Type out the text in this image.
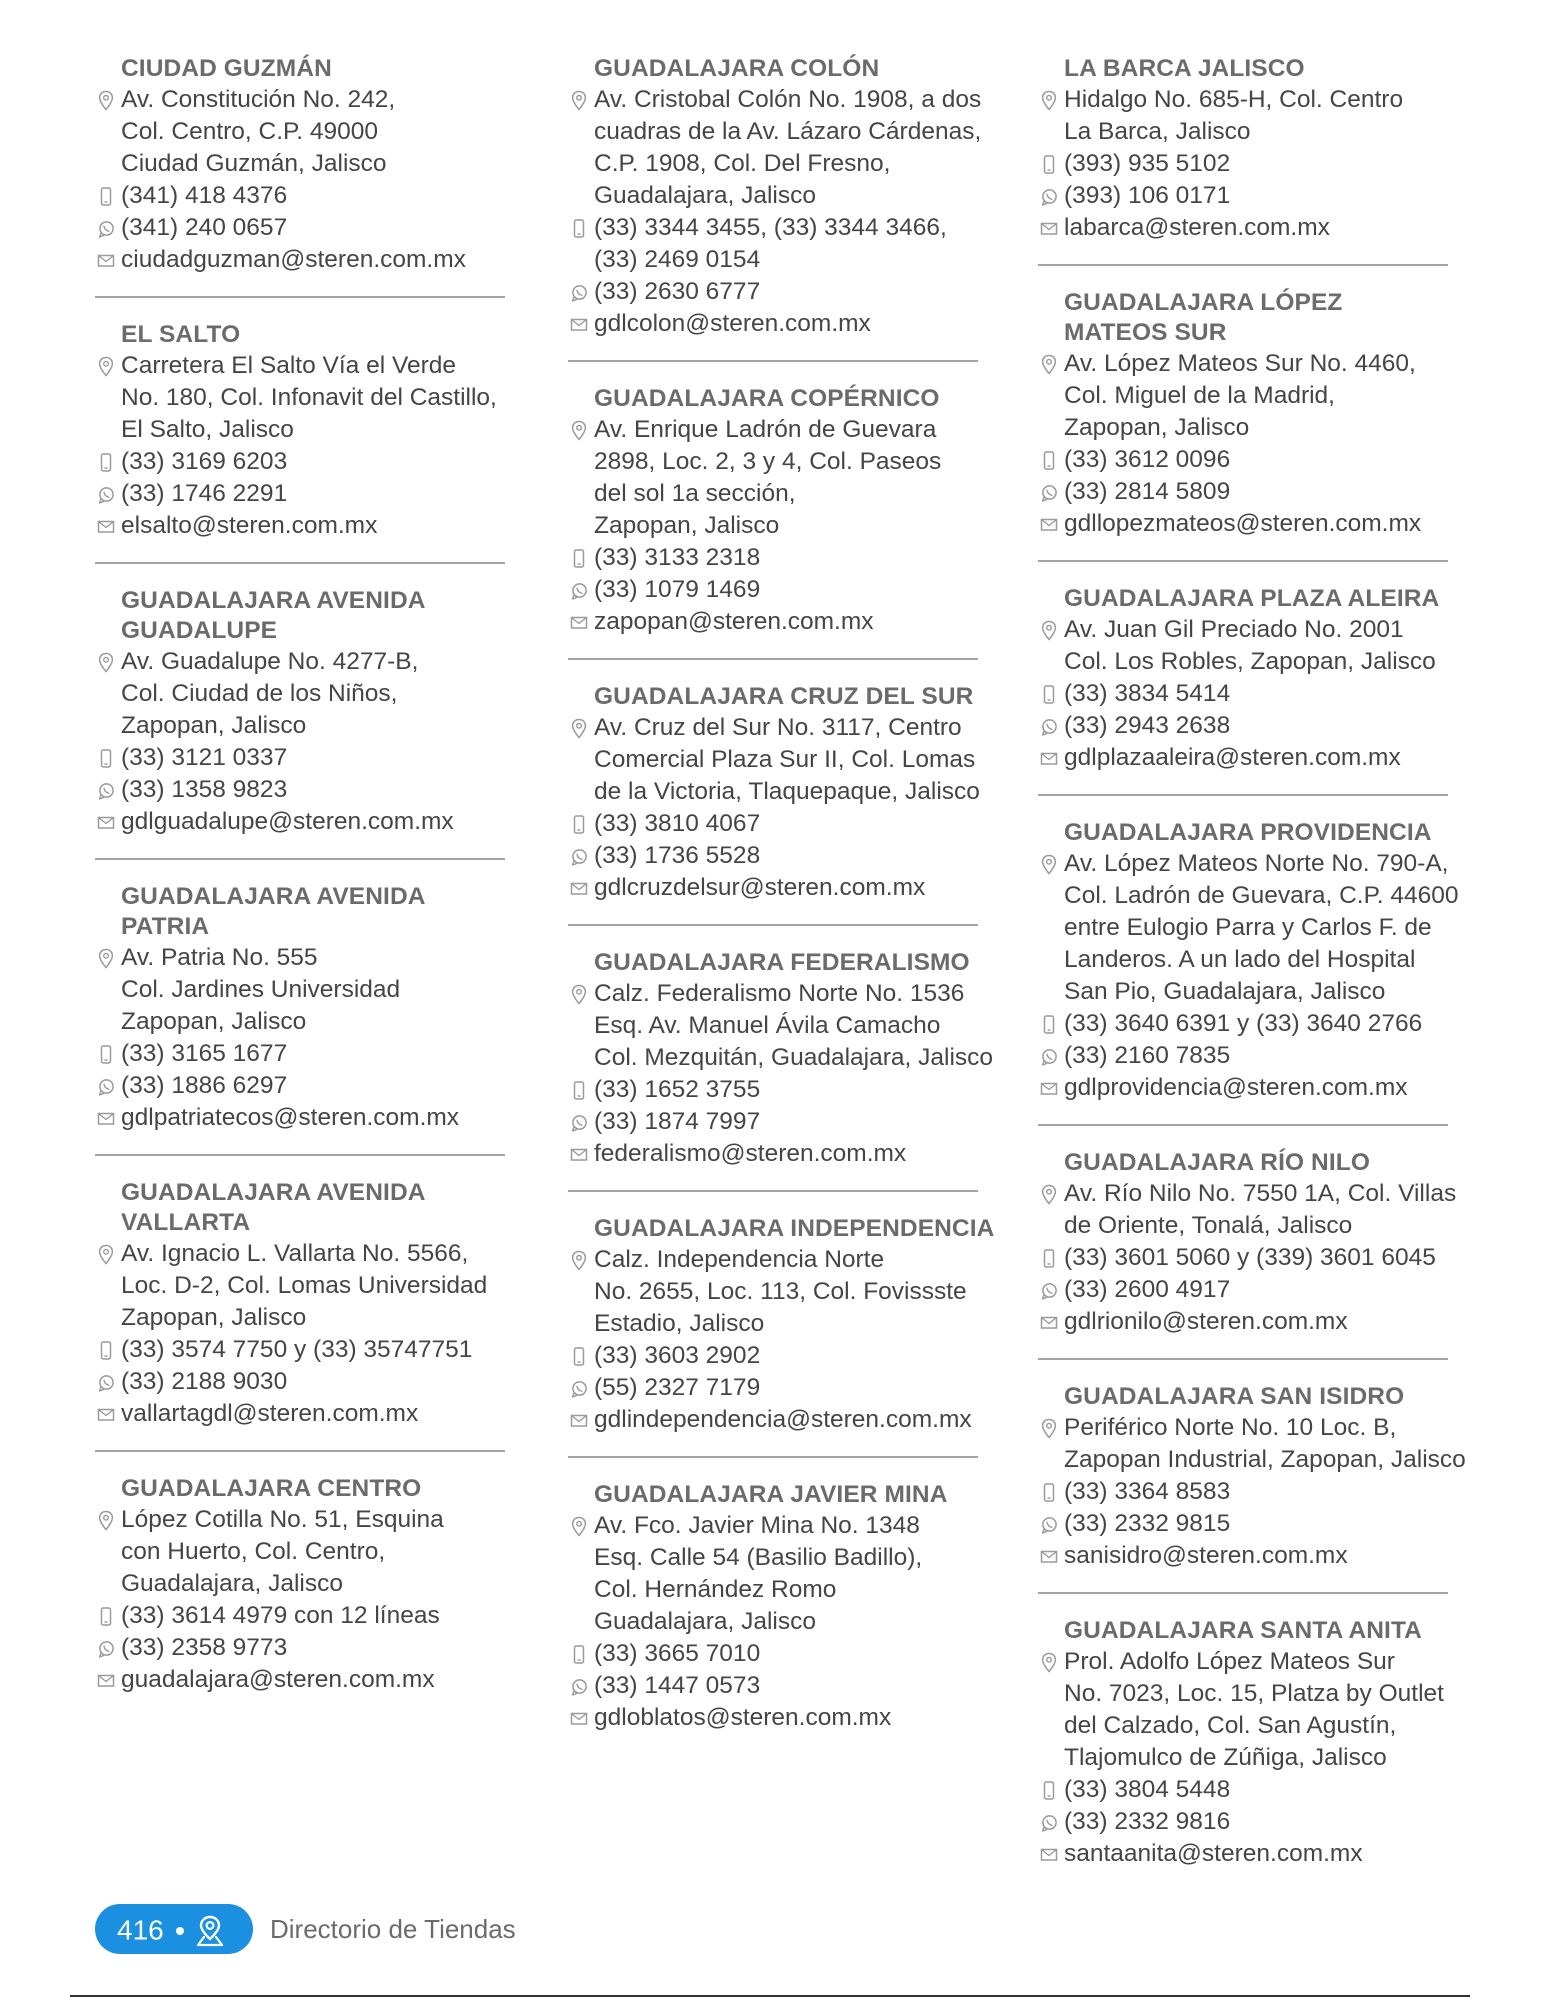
CIUDAD GUZMÁN
Av. Constitución No. 242,
Col. Centro, C.P. 49000
Ciudad Guzmán, Jalisco
(341) 418 4376
(341) 240 0657
ciudadguzman@steren.com.mx
EL SALTO
Carretera El Salto Vía el Verde
No. 180, Col. Infonavit del Castillo,
El Salto, Jalisco
(33) 3169 6203
(33) 1746 2291
elsalto@steren.com.mx
GUADALAJARA AVENIDA
GUADALUPE
Av. Guadalupe No. 4277-B,
Col. Ciudad de los Niños,
Zapopan, Jalisco
(33) 3121 0337
(33) 1358 9823
gdlguadalupe@steren.com.mx
GUADALAJARA AVENIDA
PATRIA
Av. Patria No. 555
Col. Jardines Universidad
Zapopan, Jalisco
(33) 3165 1677
(33) 1886 6297
gdlpatriatecos@steren.com.mx
GUADALAJARA AVENIDA
VALLARTA
Av. Ignacio L. Vallarta No. 5566,
Loc. D-2, Col. Lomas Universidad
Zapopan, Jalisco
(33) 3574 7750 y (33) 35747751
(33) 2188 9030
vallartagdl@steren.com.mx
GUADALAJARA CENTRO
López Cotilla No. 51, Esquina
con Huerto, Col. Centro,
Guadalajara, Jalisco
(33) 3614 4979 con 12 líneas
(33) 2358 9773
guadalajara@steren.com.mx
GUADALAJARA COLÓN
Av. Cristobal Colón No. 1908, a dos
cuadras de la Av. Lázaro Cárdenas,
C.P. 1908, Col. Del Fresno,
Guadalajara, Jalisco
(33) 3344 3455, (33) 3344 3466,
(33) 2469 0154
(33) 2630 6777
gdlcolon@steren.com.mx
GUADALAJARA COPÉRNICO
Av. Enrique Ladrón de Guevara
2898, Loc. 2, 3 y 4, Col. Paseos
del sol 1a sección,
Zapopan, Jalisco
(33) 3133 2318
(33) 1079 1469
zapopan@steren.com.mx
GUADALAJARA CRUZ DEL SUR
Av. Cruz del Sur No. 3117, Centro
Comercial Plaza Sur II, Col. Lomas
de la Victoria, Tlaquepaque, Jalisco
(33) 3810 4067
(33) 1736 5528
gdlcruzdelsur@steren.com.mx
GUADALAJARA FEDERALISMO
Calz. Federalismo Norte No. 1536
Esq. Av. Manuel Ávila Camacho
Col. Mezquitán, Guadalajara, Jalisco
(33) 1652 3755
(33) 1874 7997
federalismo@steren.com.mx
GUADALAJARA INDEPENDENCIA
Calz. Independencia Norte
No. 2655, Loc. 113, Col. Fovissste
Estadio, Jalisco
(33) 3603 2902
(55) 2327 7179
gdlindependencia@steren.com.mx
GUADALAJARA JAVIER MINA
Av. Fco. Javier Mina No. 1348
Esq. Calle 54 (Basilio Badillo),
Col. Hernández Romo
Guadalajara, Jalisco
(33) 3665 7010
(33) 1447 0573
gdloblatos@steren.com.mx
LA BARCA JALISCO
Hidalgo No. 685-H, Col. Centro
La Barca, Jalisco
(393) 935 5102
(393) 106 0171
labarca@steren.com.mx
GUADALAJARA LÓPEZ
MATEOS SUR
Av. López Mateos Sur No. 4460,
Col. Miguel de la Madrid,
Zapopan, Jalisco
(33) 3612 0096
(33) 2814 5809
gdllopezmateos@steren.com.mx
GUADALAJARA PLAZA ALEIRA
Av. Juan Gil Preciado No. 2001
Col. Los Robles, Zapopan, Jalisco
(33) 3834 5414
(33) 2943 2638
gdlplazaaleira@steren.com.mx
GUADALAJARA PROVIDENCIA
Av. López Mateos Norte No. 790-A,
Col. Ladrón de Guevara, C.P. 44600
entre Eulogio Parra y Carlos F. de
Landeros. A un lado del Hospital
San Pio, Guadalajara, Jalisco
(33) 3640 6391 y (33) 3640 2766
(33) 2160 7835
gdlprovidencia@steren.com.mx
GUADALAJARA RÍO NILO
Av. Río Nilo No. 7550 1A, Col. Villas
de Oriente, Tonalá, Jalisco
(33) 3601 5060 y (339) 3601 6045
(33) 2600 4917
gdlrionilo@steren.com.mx
GUADALAJARA SAN ISIDRO
Periférico Norte No. 10 Loc. B,
Zapopan Industrial, Zapopan, Jalisco
(33) 3364 8583
(33) 2332 9815
sanisidro@steren.com.mx
GUADALAJARA SANTA ANITA
Prol. Adolfo López Mateos Sur
No. 7023, Loc. 15, Platza by Outlet
del Calzado, Col. San Agustín,
Tlajomulco de Zúñiga, Jalisco
(33) 3804 5448
(33) 2332 9816
santaanita@steren.com.mx
416	Directorio de Tiendas
